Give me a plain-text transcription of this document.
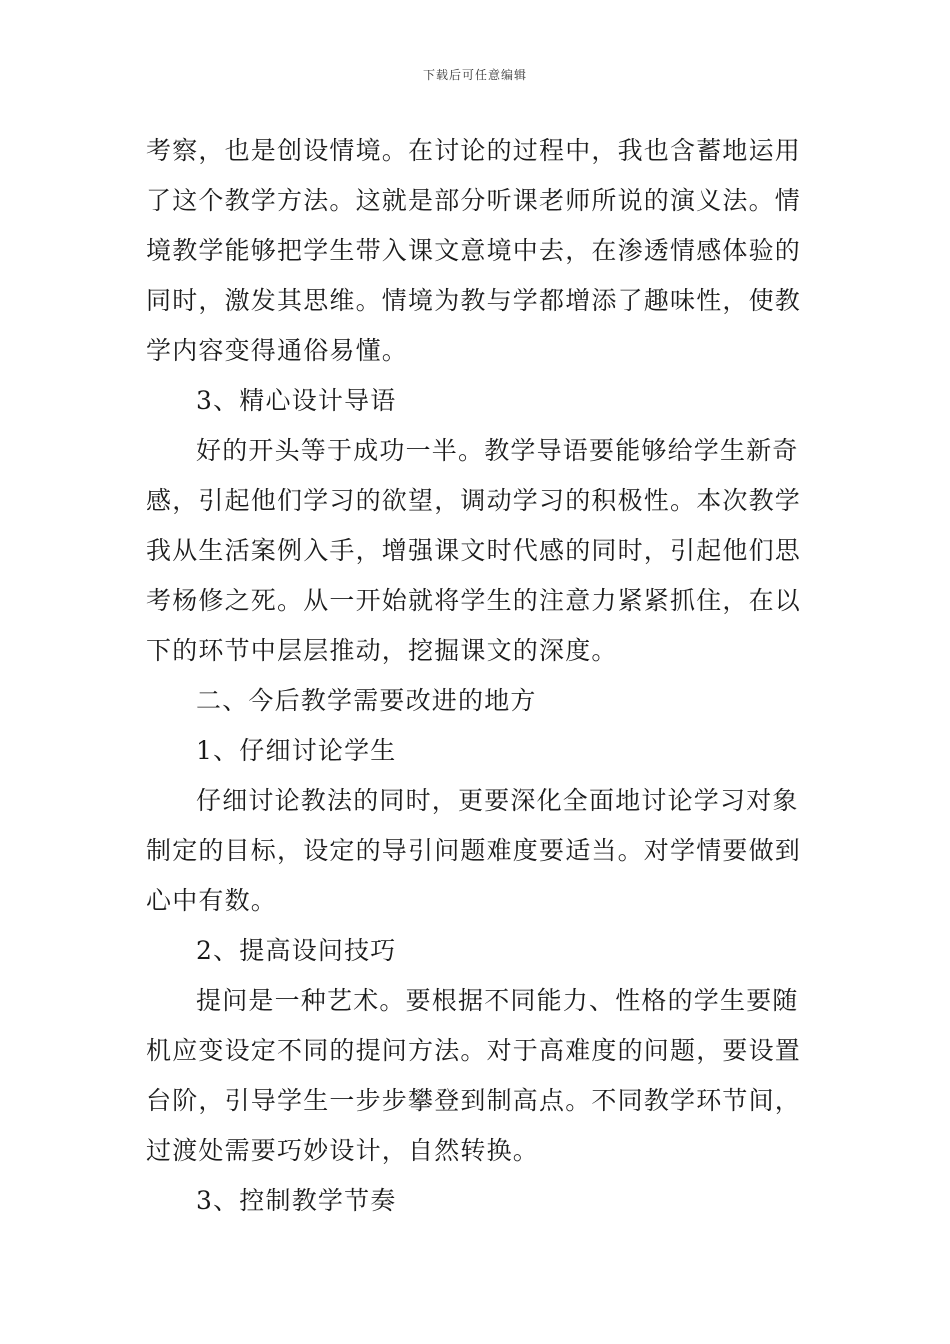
下载后可任意编辑
考察，也是创设情境。在讨论的过程中，我也含蓄地运用
了这个教学方法。这就是部分听课老师所说的演义法。情
境教学能够把学生带入课文意境中去，在渗透情感体验的
同时，激发其思维。情境为教与学都增添了趣味性，使教
学内容变得通俗易懂。
3、精心设计导语
好的开头等于成功一半。教学导语要能够给学生新奇
感，引起他们学习的欲望，调动学习的积极性。本次教学
我从生活案例入手，增强课文时代感的同时，引起他们思
考杨修之死。从一开始就将学生的注意力紧紧抓住，在以
下的环节中层层推动，挖掘课文的深度。
二、今后教学需要改进的地方
1、仔细讨论学生
仔细讨论教法的同时，更要深化全面地讨论学习对象
制定的目标，设定的导引问题难度要适当。对学情要做到
心中有数。
2、提高设问技巧
提问是一种艺术。要根据不同能力、性格的学生要随
机应变设定不同的提问方法。对于高难度的问题，要设置
台阶，引导学生一步步攀登到制高点。不同教学环节间，
过渡处需要巧妙设计，自然转换。
3、控制教学节奏
